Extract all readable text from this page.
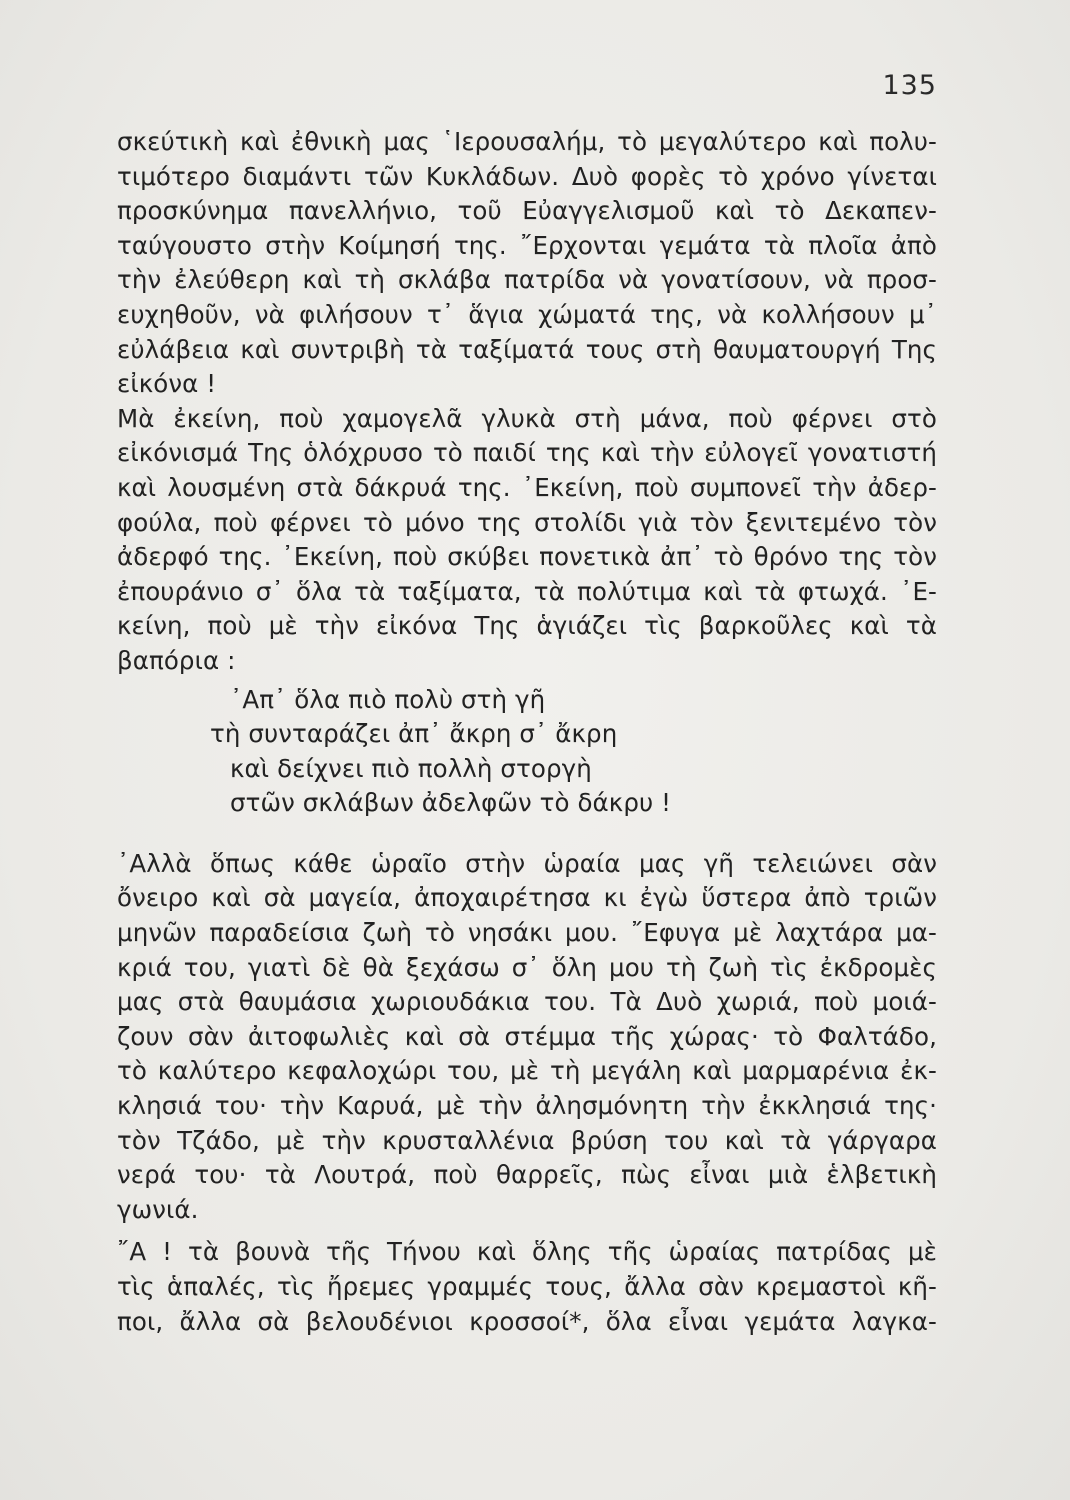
135

σκεύτικὴ καὶ ἐθνικὴ μας ῾Ιερουσαλήμ, τὸ μεγαλύτερο καὶ πολυ-
τιμότερο διαμάντι τῶν Κυκλάδων. Δυὸ φορὲς τὸ χρόνο γίνεται
προσκύνημα πανελλήνιο, τοῦ Εὐαγγελισμοῦ καὶ τὸ Δεκαπεν-
ταύγουστο στὴν Κοίμησή της. ῎Ερχονται γεμάτα τὰ πλοῖα ἀπὸ
τὴν ἐλεύθερη καὶ τὴ σκλάβα πατρίδα νὰ γονατίσουν, νὰ προσ-
ευχηθοῦν, νὰ φιλήσουν τ᾿ ἅγια χώματά της, νὰ κολλήσουν μ᾿
εὐλάβεια καὶ συντριβὴ τὰ ταξίματά τους στὴ θαυματουργή Της
εἰκόνα !

Μὰ ἐκείνη, ποὺ χαμογελᾶ γλυκὰ στὴ μάνα, ποὺ φέρνει στὸ
εἰκόνισμά Της ὁλόχρυσο τὸ παιδί της καὶ τὴν εὐλογεῖ γονατιστή
καὶ λουσμένη στὰ δάκρυά της. ᾿Εκείνη, ποὺ συμπονεῖ τὴν ἀδερ-
φούλα, ποὺ φέρνει τὸ μόνο της στολίδι γιὰ τὸν ξενιτεμένο τὸν
ἀδερφό της. ᾿Εκείνη, ποὺ σκύβει πονετικὰ ἀπ᾿ τὸ θρόνο της τὸν
ἐπουράνιο σ᾿ ὅλα τὰ ταξίματα, τὰ πολύτιμα καὶ τὰ φτωχά. ᾿Ε-
κείνη, ποὺ μὲ τὴν εἰκόνα Της ἁγιάζει τὶς βαρκοῦλες καὶ τὰ
βαπόρια :

᾿Απ᾿ ὅλα πιὸ πολὺ στὴ γῆ
τὴ συνταράζει ἀπ᾿ ἄκρη σ᾿ ἄκρη
καὶ δείχνει πιὸ πολλὴ στοργὴ
στῶν σκλάβων ἀδελφῶν τὸ δάκρυ !

᾿Αλλὰ ὅπως κάθε ὡραῖο στὴν ὡραία μας γῆ τελειώνει σὰν
ὄνειρο καὶ σὰ μαγεία, ἀποχαιρέτησα κι ἐγὼ ὕστερα ἀπὸ τριῶν
μηνῶν παραδείσια ζωὴ τὸ νησάκι μου. ῎Εφυγα μὲ λαχτάρα μα-
κριά του, γιατὶ δὲ θὰ ξεχάσω σ᾿ ὅλη μου τὴ ζωὴ τὶς ἐκδρομὲς
μας στὰ θαυμάσια χωριουδάκια του. Τὰ Δυὸ χωριά, ποὺ μοιά-
ζουν σὰν ἀιτοφωλιὲς καὶ σὰ στέμμα τῆς χώρας· τὸ Φαλτάδο,
τὸ καλύτερο κεφαλοχώρι του, μὲ τὴ μεγάλη καὶ μαρμαρένια ἐκ-
κλησιά του· τὴν Καρυά, μὲ τὴν ἀλησμόνητη τὴν ἐκκλησιά της·
τὸν Τζάδο, μὲ τὴν κρυσταλλένια βρύση του καὶ τὰ γάργαρα
νερά του· τὰ Λουτρά, ποὺ θαρρεῖς, πὼς εἶναι μιὰ ἑλβετικὴ
γωνιά.

῎Α ! τὰ βουνὰ τῆς Τήνου καὶ ὅλης τῆς ὡραίας πατρίδας μὲ
τὶς ἁπαλές, τὶς ἤρεμες γραμμές τους, ἄλλα σὰν κρεμαστοὶ κῆ-
ποι, ἄλλα σὰ βελουδένιοι κροσσοί*, ὅλα εἶναι γεμάτα λαγκα-
